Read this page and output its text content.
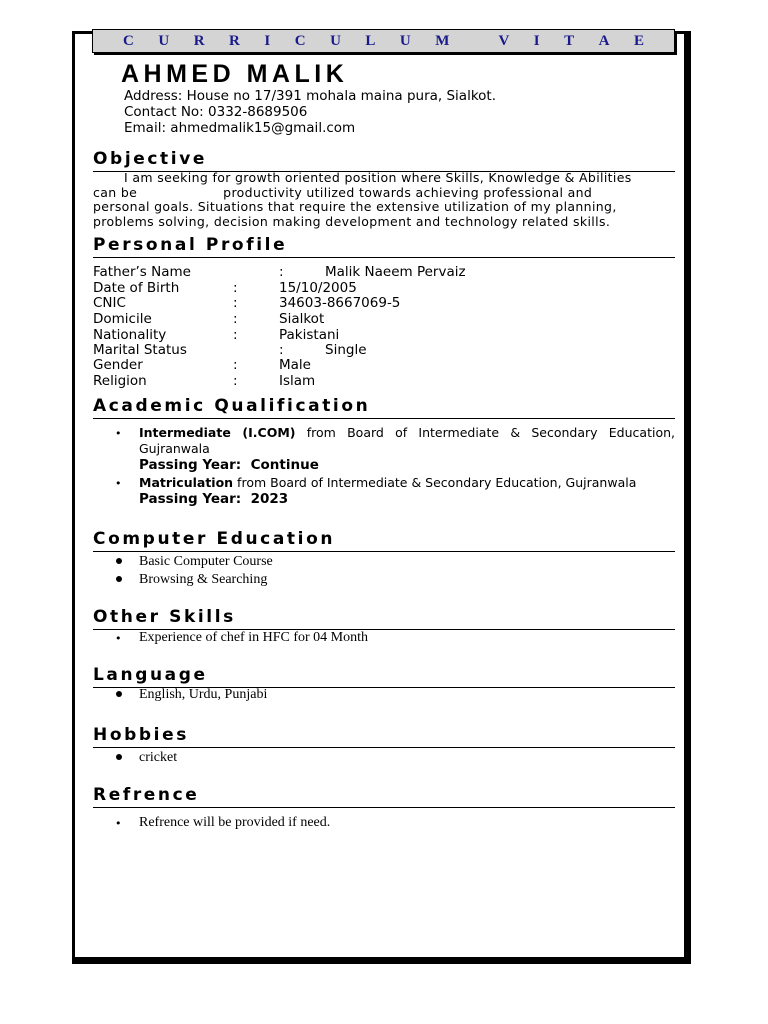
C U R R I C U L U M	V I T A E
AHMED MALIK
Address: House no 17/391 mohala maina pura, Sialkot.
Contact No: 0332-8689506
Email: ahmedmalik15@gmail.com
Objective

I am seeking for growth oriented position where Skills, Knowledge & Abilities

can be	productivity utilized towards achieving professional and

personal goals. Situations that require the extensive utilization of my planning,

problems solving, decision making development and technology related skills.

Personal Profile
Father’s Name	:	Malik Naeem Pervaiz
Date of Birth	:	15/10/2005
CNIC	:	34603-8667069-5
Domicile	:	Sialkot
Nationality	:	Pakistani
Marital Status	:	Single
Gender	:	Male
Religion	:	Islam
Academic Qualification
• Intermediate (I.COM) from Board of Intermediate & Secondary Education, Gujranwala
Passing Year: Continue
• Matriculation from Board of Intermediate & Secondary Education, Gujranwala
Passing Year: 2023
Computer Education
Basic Computer Course
Browsing & Searching
Other Skills
• Experience of chef in HFC for 04 Month
Language
English, Urdu, Punjabi
Hobbies
cricket
Refrence
• Refrence will be provided if need.
